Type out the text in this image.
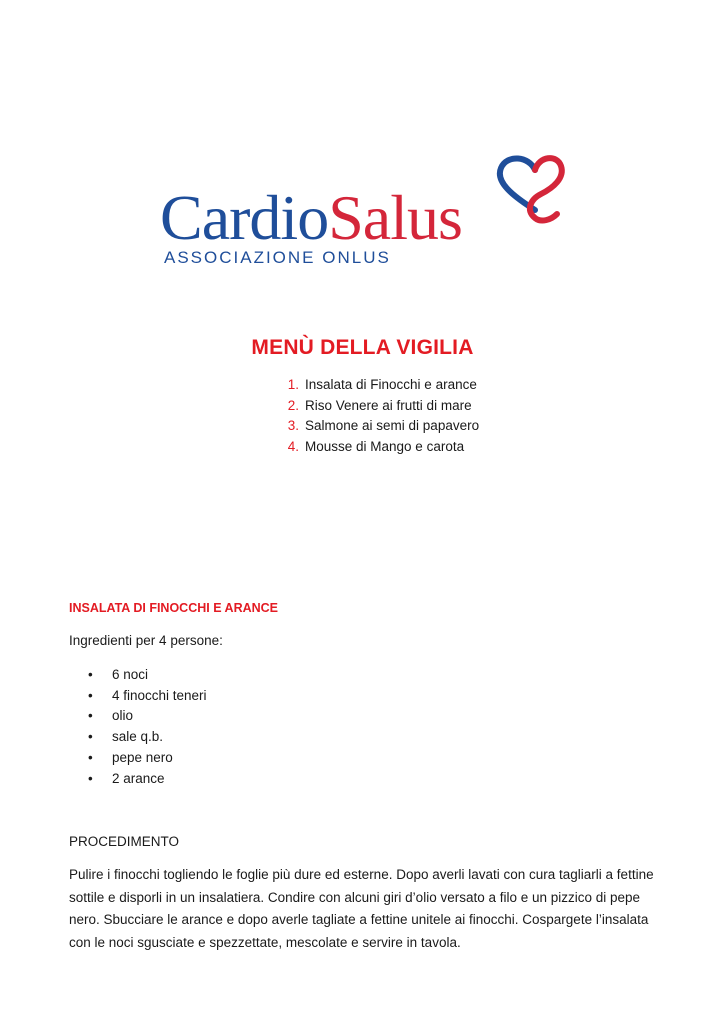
CardioSalus
ASSOCIAZIONE ONLUS
MENÙ DELLA VIGILIA
1. Insalata di Finocchi e arance
2. Riso Venere ai frutti di mare
3. Salmone ai semi di papavero
4. Mousse di Mango e carota
INSALATA DI FINOCCHI E ARANCE
Ingredienti per 4 persone:
• 6 noci
• 4 finocchi teneri
• olio
• sale q.b.
• pepe nero
• 2 arance
PROCEDIMENTO
Pulire i finocchi togliendo le foglie più dure ed esterne. Dopo averli lavati con cura tagliarli a fettine sottile e disporli in un insalatiera. Condire con alcuni giri d’olio versato a filo e un pizzico di pepe nero. Sbucciare le arance e dopo averle tagliate a fettine unitele ai finocchi. Cospargete l’insalata con le noci sgusciate e spezzettate, mescolate e servire in tavola.
